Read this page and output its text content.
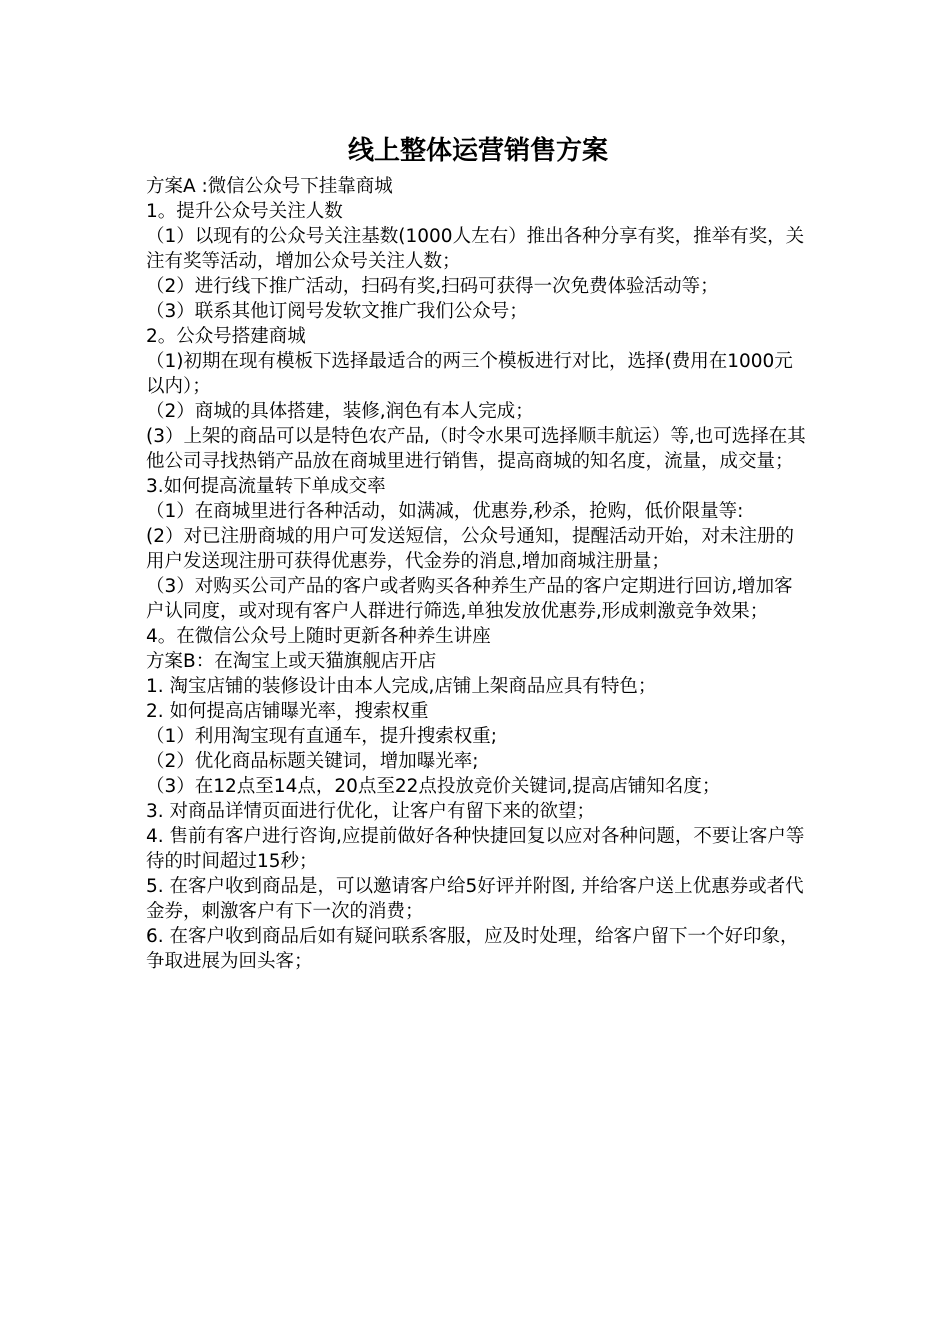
线上整体运营销售方案

方案A :微信公众号下挂靠商城

1。提升公众号关注人数

（1）以现有的公众号关注基数(1000人左右）推出各种分享有奖，推举有奖，关注有奖等活动，增加公众号关注人数；

（2）进行线下推广活动，扫码有奖,扫码可获得一次免费体验活动等；

（3）联系其他订阅号发软文推广我们公众号；

2。公众号搭建商城

（1)初期在现有模板下选择最适合的两三个模板进行对比，选择(费用在1000元以内）；

（2）商城的具体搭建，装修,润色有本人完成；

(3）上架的商品可以是特色农产品,（时令水果可选择顺丰航运）等,也可选择在其他公司寻找热销产品放在商城里进行销售，提高商城的知名度，流量，成交量；

3.如何提高流量转下单成交率

（1）在商城里进行各种活动，如满减，优惠券,秒杀，抢购，低价限量等:

(2）对已注册商城的用户可发送短信，公众号通知，提醒活动开始，对未注册的用户发送现注册可获得优惠券，代金券的消息,增加商城注册量；

（3）对购买公司产品的客户或者购买各种养生产品的客户定期进行回访,增加客户认同度，或对现有客户人群进行筛选,单独发放优惠券,形成刺激竞争效果；

4。在微信公众号上随时更新各种养生讲座

方案B：在淘宝上或天猫旗舰店开店

1. 淘宝店铺的装修设计由本人完成,店铺上架商品应具有特色；

2. 如何提高店铺曝光率，搜索权重

（1）利用淘宝现有直通车，提升搜索权重;

（2）优化商品标题关键词，增加曝光率;

（3）在12点至14点，20点至22点投放竞价关键词,提高店铺知名度；

3. 对商品详情页面进行优化，让客户有留下来的欲望；

4. 售前有客户进行咨询,应提前做好各种快捷回复以应对各种问题，不要让客户等待的时间超过15秒；

5. 在客户收到商品是，可以邀请客户给5好评并附图, 并给客户送上优惠券或者代金券，刺激客户有下一次的消费；

6. 在客户收到商品后如有疑问联系客服，应及时处理，给客户留下一个好印象，争取进展为回头客；
